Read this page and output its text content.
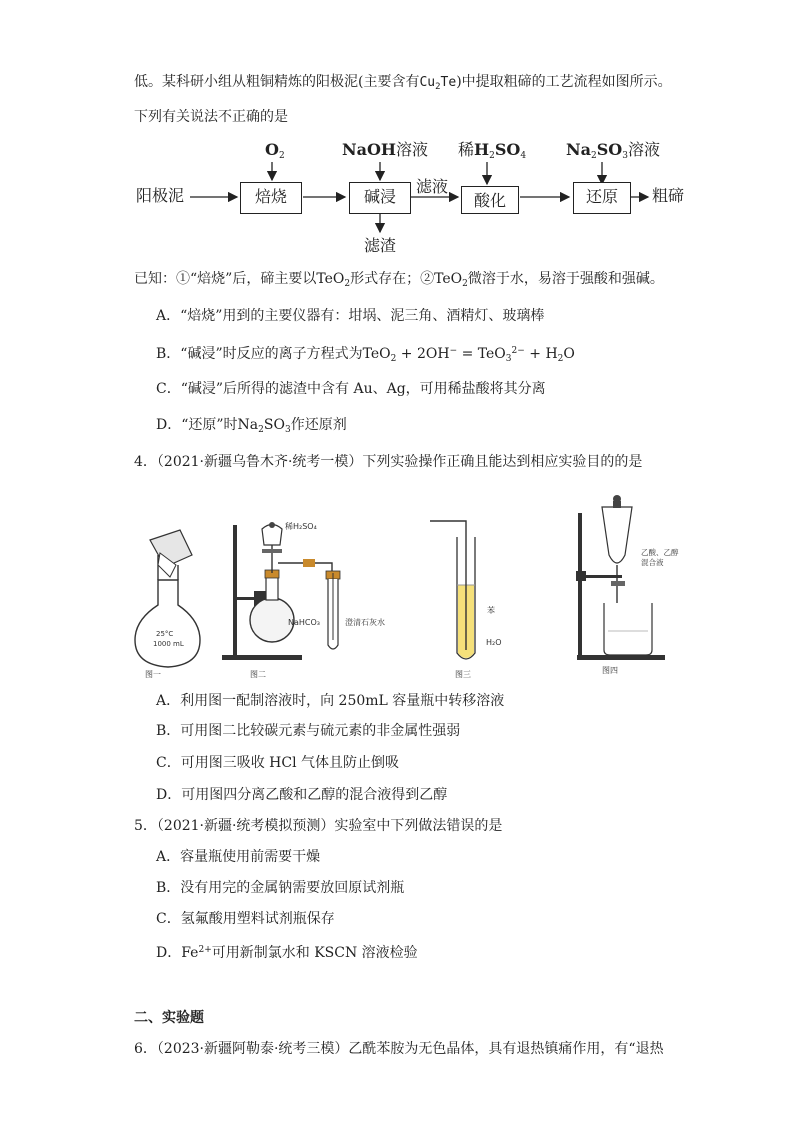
低。某科研小组从粗铜精炼的阳极泥(主要含有$Cu_2Te$)中提取粗碲的工艺流程如图所示。
下列有关说法不正确的是
阳极泥	焙烧	碱浸	酸化	还原	粗碲
$O_2$	NaOH溶液 稀$H_2SO_4$ $Na_2SO_3$溶液
滤液
滤渣
已知：①“焙烧”后，碲主要以TeO$_2$形式存在；②TeO$_2$微溶于水，易溶于强酸和强碱。
A．“焙烧”用到的主要仪器有：坩埚、泥三角、酒精灯、玻璃棒
B．“碱浸”时反应的离子方程式为$TeO_2 + 2OH^- = TeO_3^{2-} + H_2O$
C．“碱浸”后所得的滤渣中含有 Au、Ag，可用稀盐酸将其分离
D．“还原”时$Na_2SO_3$作还原剂
4．（2021·新疆乌鲁木齐·统考一模）下列实验操作正确且能达到相应实验目的的是
25°C
1000 mL
图一
稀H₂SO₄
NaHCO₃	澄清石灰水
图二
苯
H₂O
图三
乙酸、乙醇
混合液
图四
A．利用图一配制溶液时，向 250mL 容量瓶中转移溶液
B．可用图二比较碳元素与硫元素的非金属性强弱
C．可用图三吸收 HCl 气体且防止倒吸
D．可用图四分离乙酸和乙醇的混合液得到乙醇
5．（2021·新疆·统考模拟预测）实验室中下列做法错误的是
A．容量瓶使用前需要干燥
B．没有用完的金属钠需要放回原试剂瓶
C．氢氟酸用塑料试剂瓶保存
D．$Fe^{2+}$可用新制氯水和 KSCN 溶液检验
二、实验题
6．（2023·新疆阿勒泰·统考三模）乙酰苯胺为无色晶体，具有退热镇痛作用，有“退热
